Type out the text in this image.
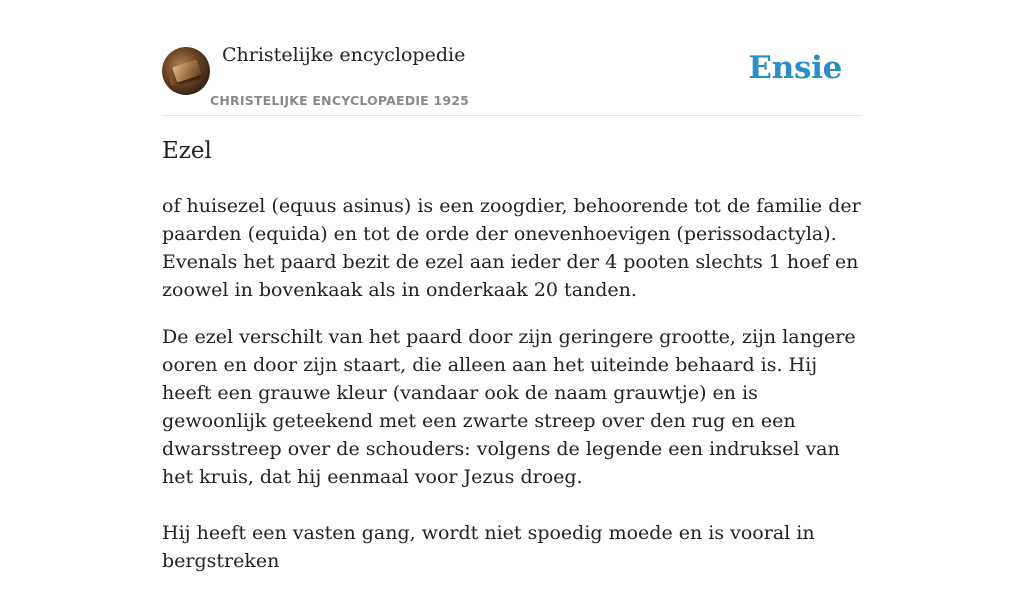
Christelijke encyclopedie
CHRISTELIJKE ENCYCLOPAEDIE 1925
Ensie
Ezel

of huisezel (equus asinus) is een zoogdier, behoorende tot de familie der paarden (equida) en tot de orde der onevenhoevigen (perissodactyla). Evenals het paard bezit de ezel aan ieder der 4 pooten slechts 1 hoef en zoowel in bovenkaak als in onderkaak 20 tanden.

De ezel verschilt van het paard door zijn geringere grootte, zijn langere ooren en door zijn staart, die alleen aan het uiteinde behaard is. Hij heeft een grauwe kleur (vandaar ook de naam grauwtje) en is gewoonlijk geteekend met een zwarte streep over den rug en een dwarsstreep over de schouders: volgens de legende een indruksel van het kruis, dat hij eenmaal voor Jezus droeg.

Hij heeft een vasten gang, wordt niet spoedig moede en is vooral in bergstreken
